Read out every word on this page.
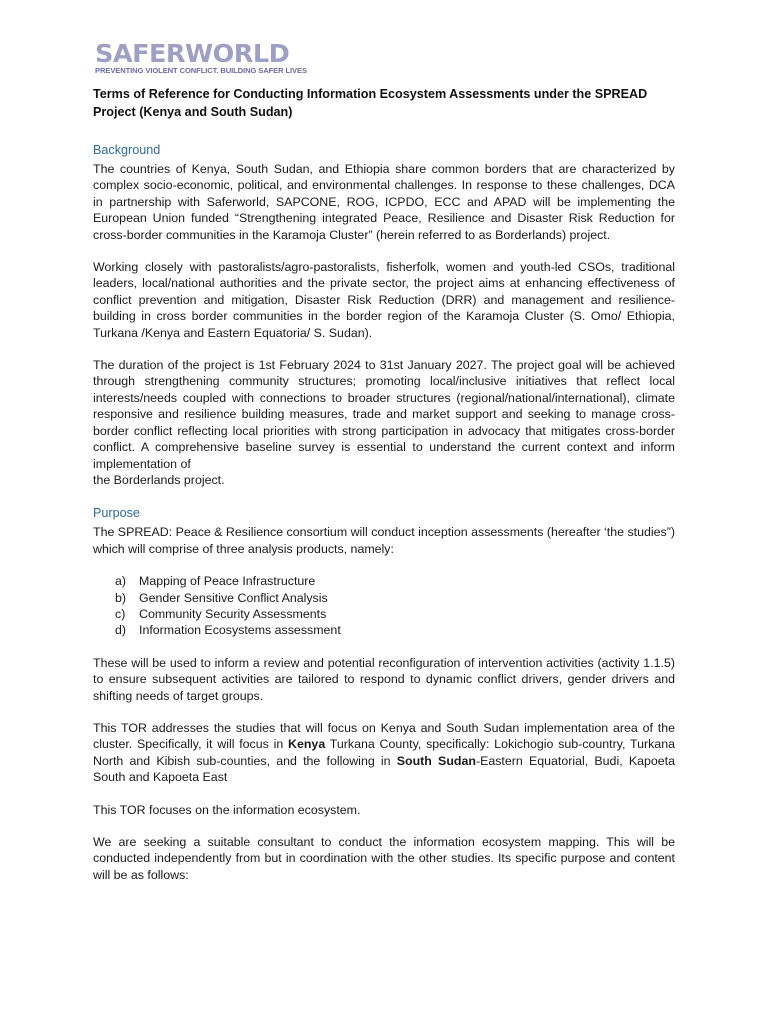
SAFERWORLD
PREVENTING VIOLENT CONFLICT. BUILDING SAFER LIVES
Terms of Reference for Conducting Information Ecosystem Assessments under the SPREAD Project (Kenya and South Sudan)
Background

The countries of Kenya, South Sudan, and Ethiopia share common borders that are characterized by complex socio-economic, political, and environmental challenges. In response to these challenges, DCA in partnership with Saferworld, SAPCONE, ROG, ICPDO, ECC and APAD will be implementing the European Union funded “Strengthening integrated Peace, Resilience and Disaster Risk Reduction for cross-border communities in the Karamoja Cluster” (herein referred to as Borderlands) project.

Working closely with pastoralists/agro-pastoralists, fisherfolk, women and youth-led CSOs, traditional leaders, local/national authorities and the private sector, the project aims at enhancing effectiveness of conflict prevention and mitigation, Disaster Risk Reduction (DRR) and management and resilience-building in cross border communities in the border region of the Karamoja Cluster (S. Omo/ Ethiopia, Turkana /Kenya and Eastern Equatoria/ S. Sudan).

The duration of the project is 1st February 2024 to 31st January 2027. The project goal will be achieved through strengthening community structures; promoting local/inclusive initiatives that reflect local interests/needs coupled with connections to broader structures (regional/national/international), climate responsive and resilience building measures, trade and market support and seeking to manage cross-border conflict reflecting local priorities with strong participation in advocacy that mitigates cross-border conflict. A comprehensive baseline survey is essential to understand the current context and inform implementation of
the Borderlands project.

Purpose

The SPREAD: Peace & Resilience consortium will conduct inception assessments (hereafter ‘the studies”) which will comprise of three analysis products, namely:

a) Mapping of Peace Infrastructure
b) Gender Sensitive Conflict Analysis
c) Community Security Assessments
d) Information Ecosystems assessment

These will be used to inform a review and potential reconfiguration of intervention activities (activity 1.1.5) to ensure subsequent activities are tailored to respond to dynamic conflict drivers, gender drivers and shifting needs of target groups.

This TOR addresses the studies that will focus on Kenya and South Sudan implementation area of the cluster. Specifically, it will focus in Kenya Turkana County, specifically: Lokichogio sub-country, Turkana North and Kibish sub-counties, and the following in South Sudan-Eastern Equatorial, Budi, Kapoeta South and Kapoeta East

This TOR focuses on the information ecosystem.

We are seeking a suitable consultant to conduct the information ecosystem mapping. This will be conducted independently from but in coordination with the other studies. Its specific purpose and content will be as follows:
